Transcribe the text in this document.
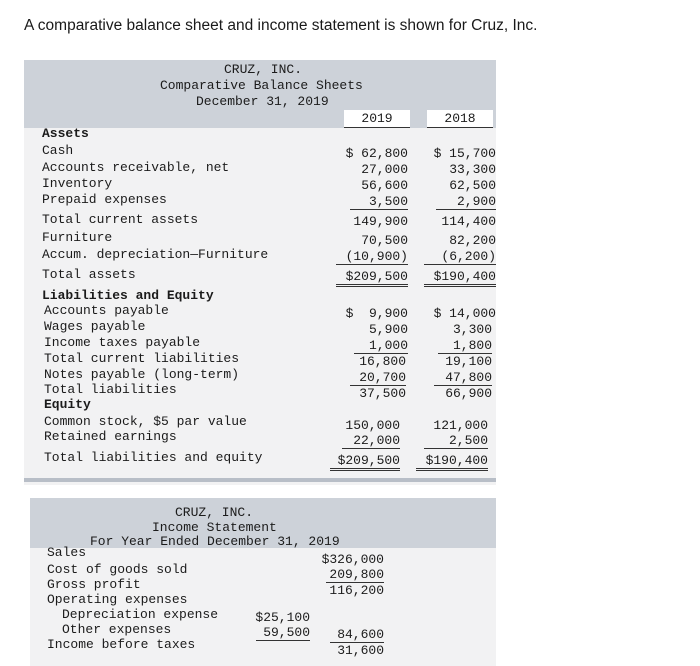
A comparative balance sheet and income statement is shown for Cruz, Inc.
CRUZ, INC.
Comparative Balance Sheets
December 31, 2019
2019	2018
Assets
Cash	$ 62,800	$ 15,700
Accounts receivable, net	27,000	33,300
Inventory	56,600	62,500
Prepaid expenses	3,500	2,900
Total current assets	149,900	114,400
Furniture	70,500	82,200
Accum. depreciation—Furniture	(10,900)	(6,200)
Total assets	$209,500	$190,400
Liabilities and Equity
Accounts payable	$  9,900	$ 14,000
Wages payable	5,900	3,300
Income taxes payable	1,000	1,800
Total current liabilities	16,800	19,100
Notes payable (long-term)	20,700	47,800
Total liabilities	37,500	66,900
Equity
Common stock, $5 par value	150,000	121,000
Retained earnings	22,000	2,500
Total liabilities and equity	$209,500	$190,400
CRUZ, INC.
Income Statement
For Year Ended December 31, 2019
Sales	$326,000
Cost of goods sold	209,800
Gross profit	116,200
Operating expenses
Depreciation expense	$25,100
Other expenses	59,500	84,600
Income before taxes	31,600
